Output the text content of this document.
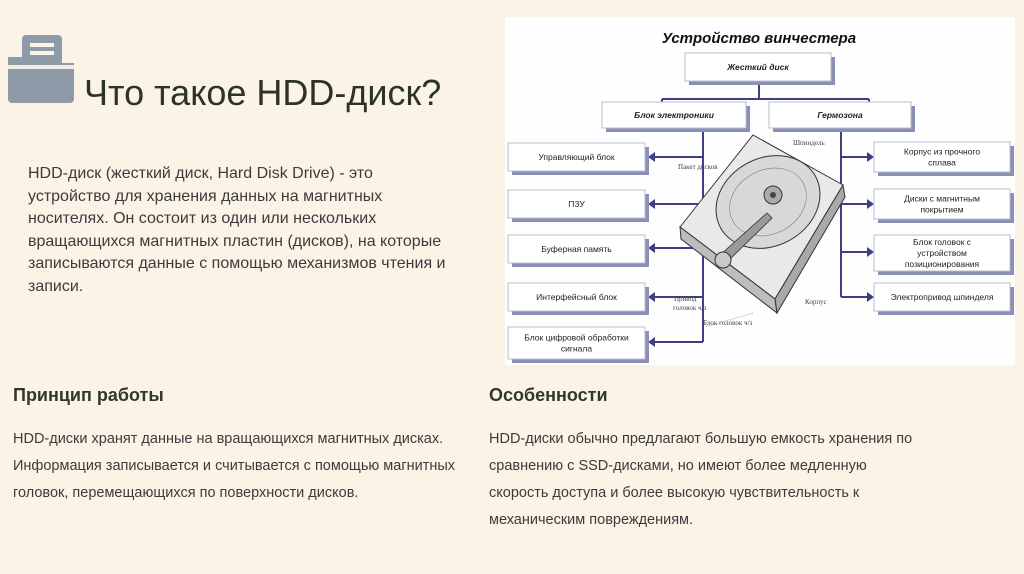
Что такое HDD-диск?

HDD-диск (жесткий диск, Hard Disk Drive) - это устройство для хранения данных на магнитных носителях. Он состоит из один или нескольких вращающихся магнитных пластин (дисков), на которые записываются данные с помощью механизмов чтения и записи.

Принцип работы

HDD-диски хранят данные на вращающихся магнитных дисках. Информация записывается и считывается с помощью магнитных головок, перемещающихся по поверхности дисков.

Особенности

HDD-диски обычно предлагают большую емкость хранения по сравнению с SSD-дисками, но имеют более медленную скорость доступа и более высокую чувствительность к механическим повреждениям.

Устройство винчестера
Жесткий диск
Блок электроники	Гермозона
Управляющий блок
ПЗУ
Буферная память
Интерфейсный блок
Блок цифровой обработки
сигнала
Корпус из прочного
сплава
Диски с магнитным
покрытием
Блок головок с
устройством
позиционирования
Электропривод шпинделя
Пакет дисков
Шпиндель
Привод
головок ч/з
Блок головок ч/з
Корпус
